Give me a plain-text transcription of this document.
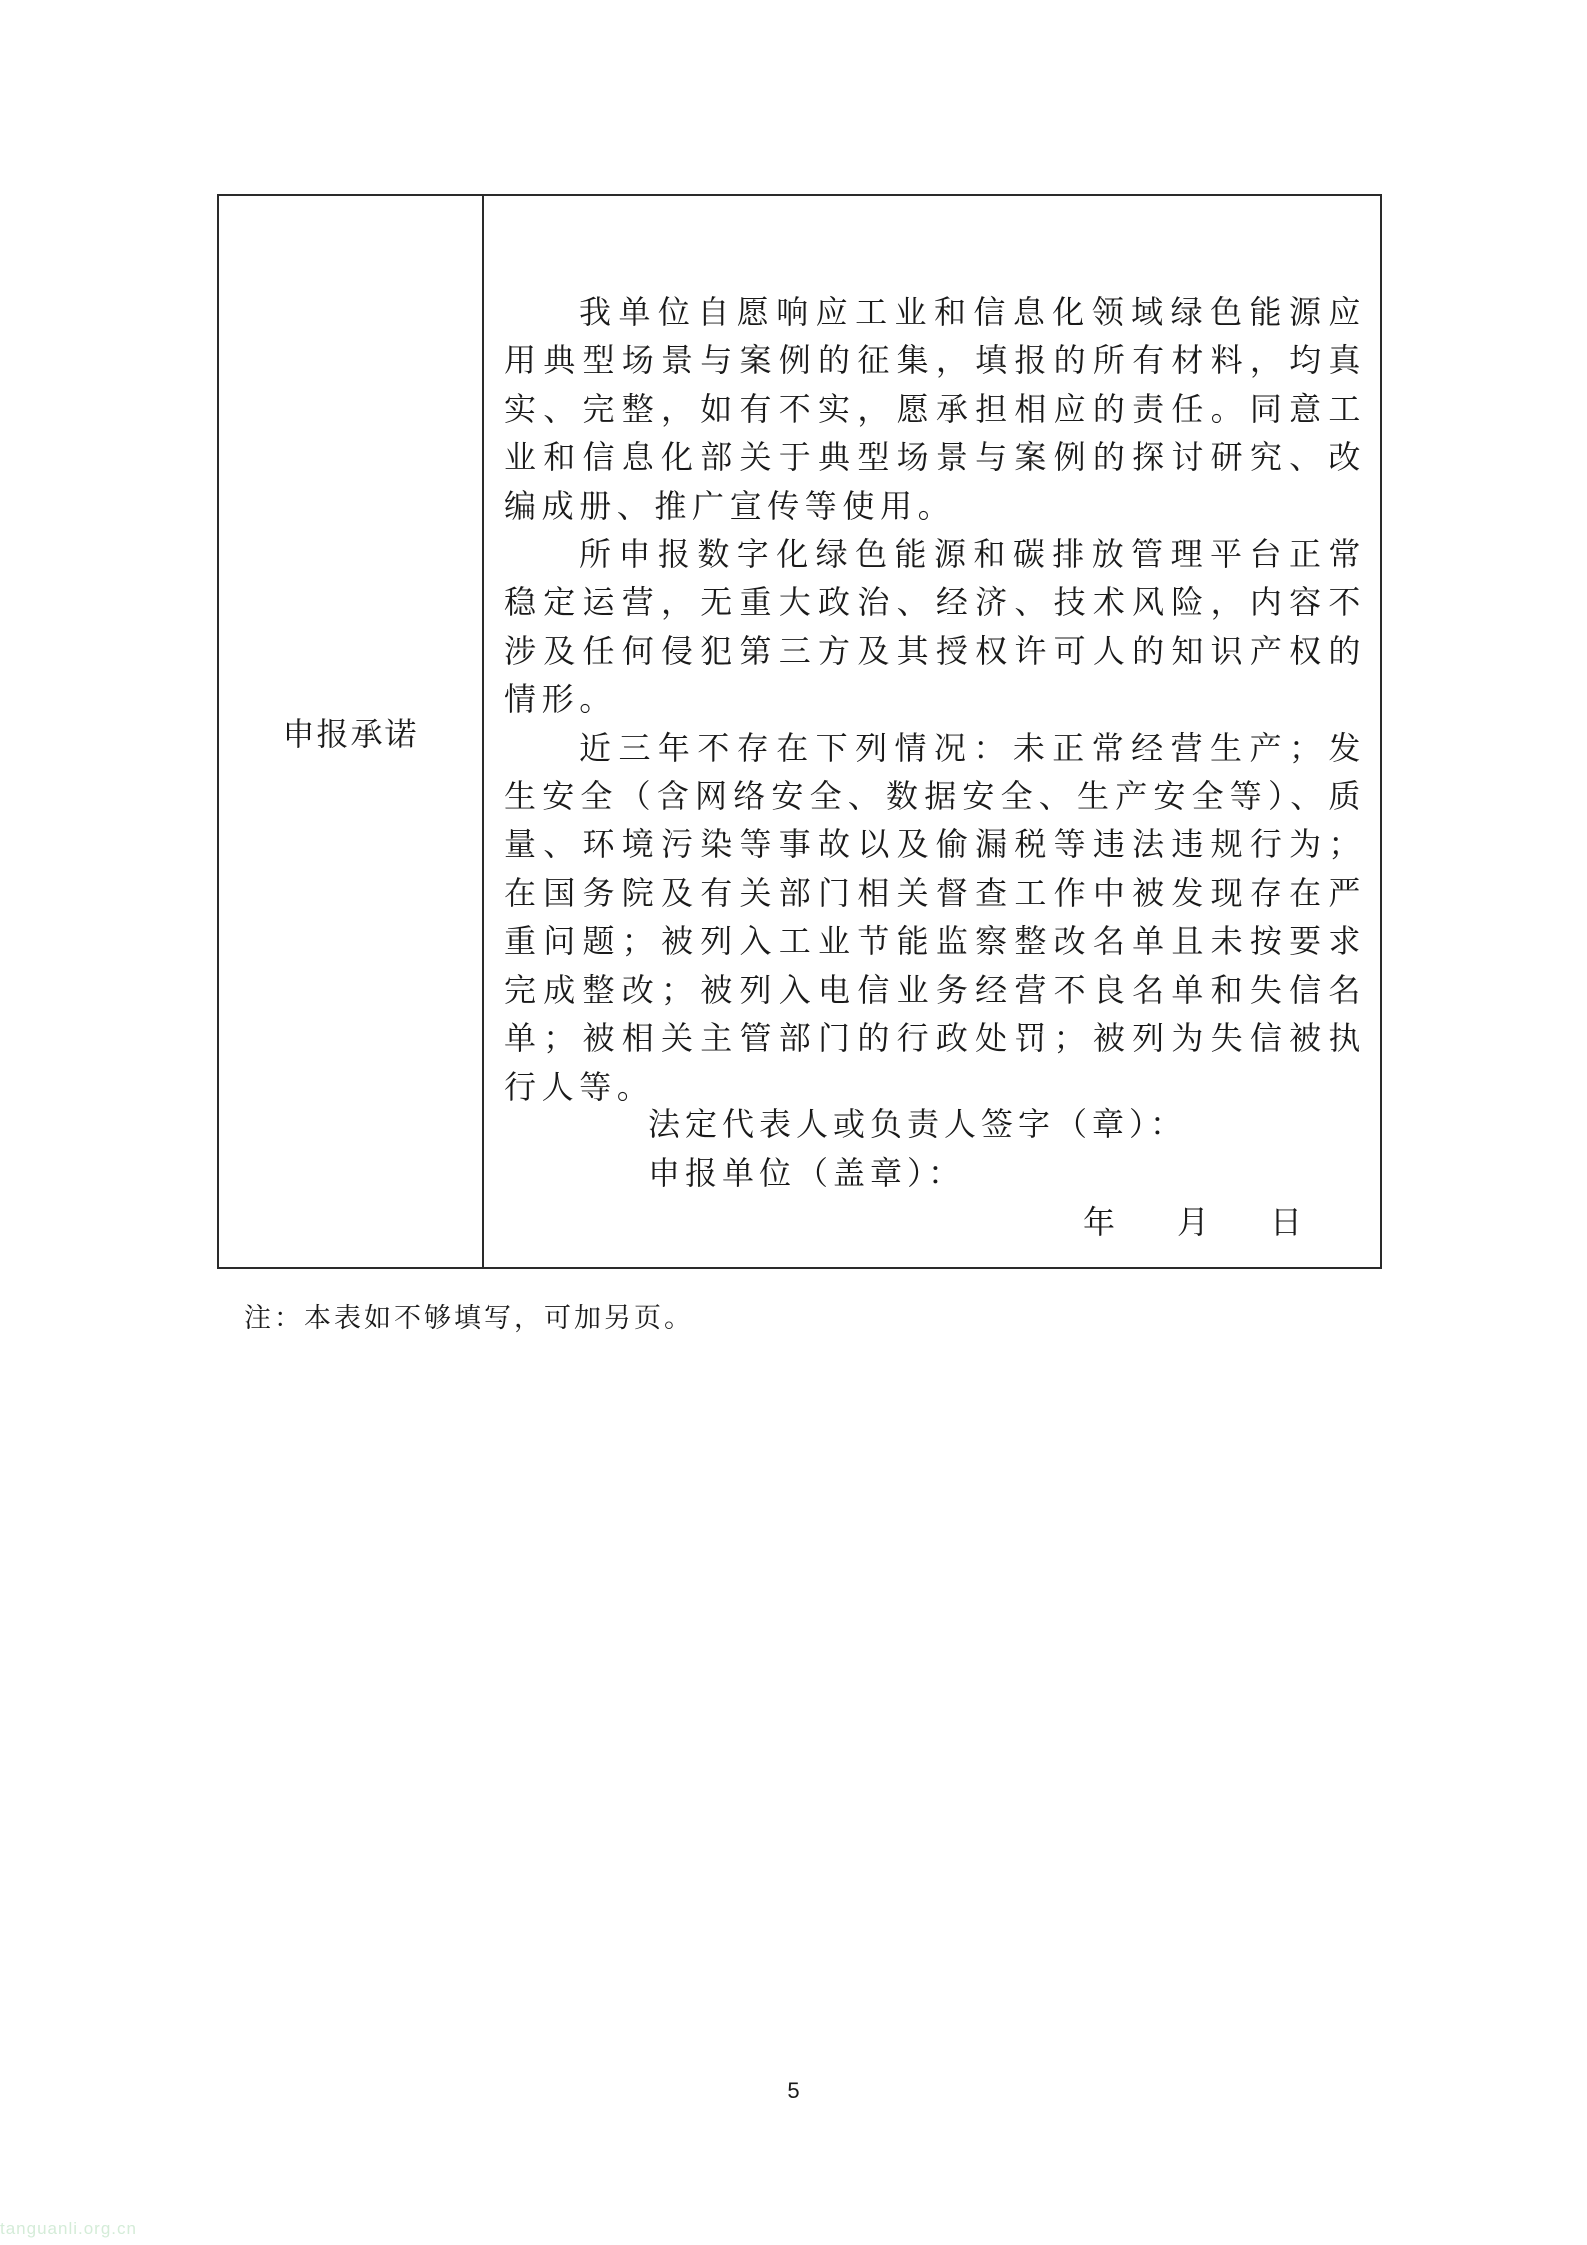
申报承诺

我单位自愿响应工业和信息化领域绿色能源应用典型场景与案例的征集，填报的所有材料，均真实、完整，如有不实，愿承担相应的责任。同意工业和信息化部关于典型场景与案例的探讨研究、改编成册、推广宣传等使用。

所申报数字化绿色能源和碳排放管理平台正常稳定运营，无重大政治、经济、技术风险，内容不涉及任何侵犯第三方及其授权许可人的知识产权的情形。

近三年不存在下列情况：未正常经营生产；发生安全（含网络安全、数据安全、生产安全等）、质量、环境污染等事故以及偷漏税等违法违规行为；在国务院及有关部门相关督查工作中被发现存在严重问题；被列入工业节能监察整改名单且未按要求完成整改；被列入电信业务经营不良名单和失信名单；被相关主管部门的行政处罚；被列为失信被执行人等。

法定代表人或负责人签字（章）：
申报单位（盖章）：
年 月 日
注：本表如不够填写，可加另页。
5
tanguanli.org.cn
